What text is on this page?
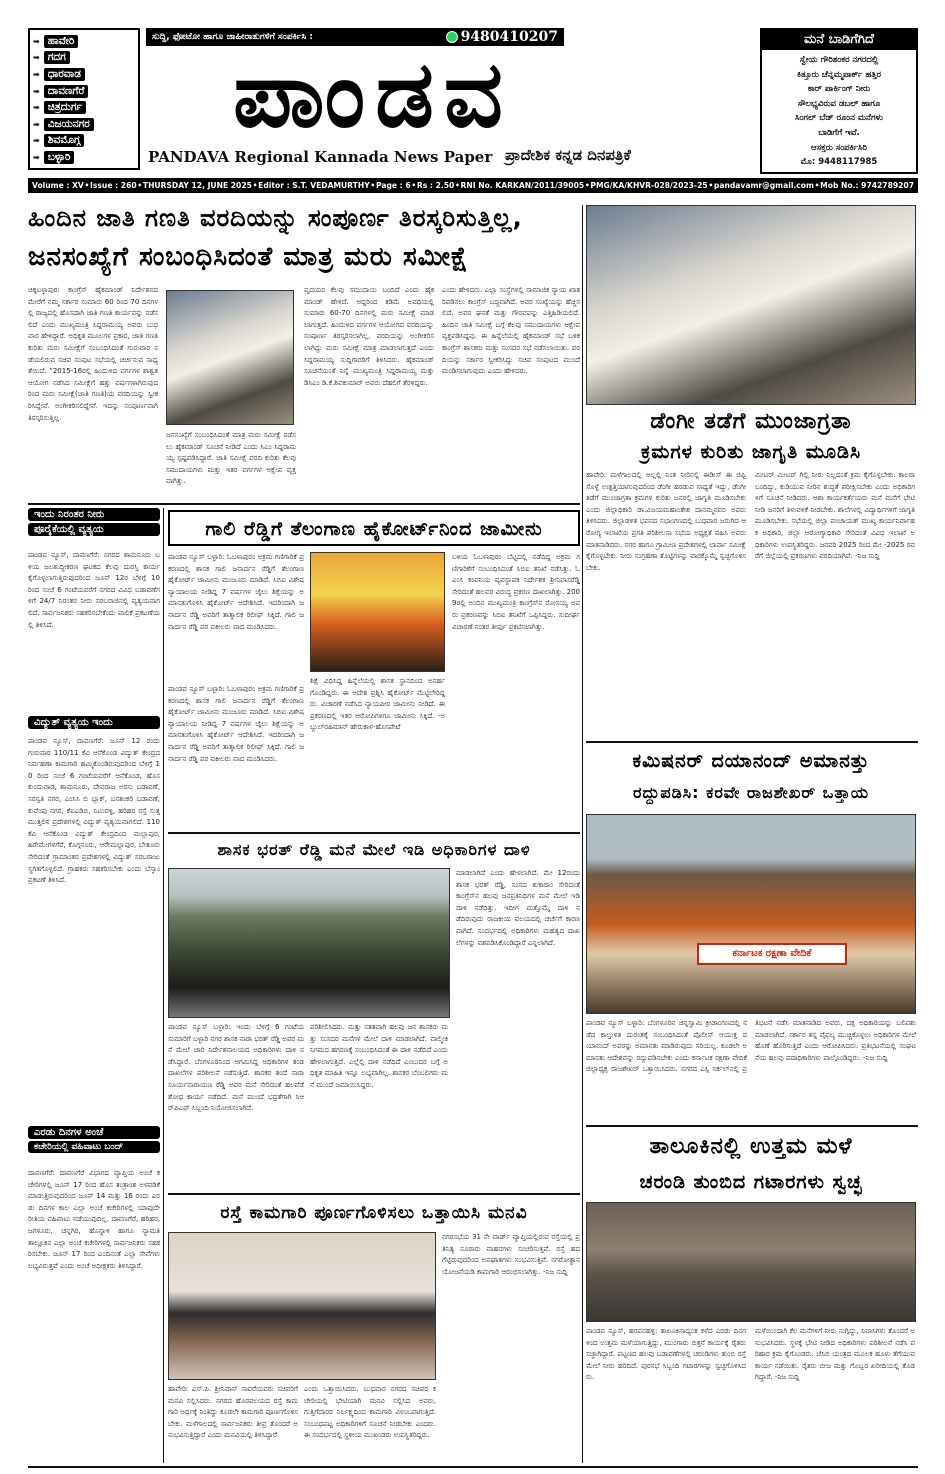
➡ ಹಾವೇರಿ
➡ ಗದಗ
➡ ಧಾರವಾಡ
➡ ದಾವಣಗೆರೆ
➡ ಚಿತ್ರದುರ್ಗ
➡ ವಿಜಯನಗರ
➡ ಶಿವಮೊಗ್ಗ
➡ ಬಳ್ಳಾರಿ
ಸುದ್ದಿ, ಫೋಟೋ ಹಾಗೂ ಜಾಹೀರಾತುಗಳಿಗೆ ಸಂಪರ್ಕಿಸಿ :	9480410207
ಪಾಂಡವ
PANDAVA Regional Kannada News Paper ಪ್ರಾದೇಶಿಕ ಕನ್ನಡ ದಿನಪತ್ರಿಕೆ
ಮನೆ ಬಾಡಿಗೆಗಿದೆ
ಸ್ವೇಯ ಗೌರಿಶಂಕರ ನಗರದಲ್ಲಿ
ಕಿತ್ತೂರು ಚೆನ್ನಮ್ಮಪಾರ್ಕ್ ಹತ್ತಿರ
ಕಾರ್ ಪಾರ್ಕಿಂಗ್ ನೀರು
ಸೌಲಭ್ಯವಿರುವ ಡಬಲ್ ಹಾಗೂ
ಸಿಂಗಲ್ ಬೆಡ್ ರೂಂನ ಮನೆಗಳು
ಬಾಡಿಗೆಗೆ ಇವೆ.
ಆಸಕ್ತರು ಸಂಪರ್ಕಿಸಿರಿ
ಮೊ: 9448117985
Volume : XV • Issue : 260 • THURSDAY 12, JUNE 2025 • Editor : S.T. VEDAMURTHY • Page : 6 • Rs : 2.50 • RNI No. KARKAN/2011/39005 • PMG/KA/KHVR-028/2023-25 • pandavamr@gmail.com • Mob No.: 9742789207
ಹಿಂದಿನ ಜಾತಿ ಗಣತಿ ವರದಿಯನ್ನು ಸಂಪೂರ್ಣ ತಿರಸ್ಕರಿಸುತ್ತಿಲ್ಲ,
ಜನಸಂಖ್ಯೆಗೆ ಸಂಬಂಧಿಸಿದಂತೆ ಮಾತ್ರ ಮರು ಸಮೀಕ್ಷೆ
ಚಿಕ್ಕಬಳ್ಳಾಪುರ: ಕಾಂಗ್ರೆಸ್ ಹೈಕಮಾಂಡ್ ನಿರ್ದೇಶನದ ಮೇರೆಗೆ ನಮ್ಮ ಸರ್ಕಾರ ಸುಮಾರು 60 ರಿಂದ 70 ದಿನಗಳಲ್ಲಿ ರಾಜ್ಯದಲ್ಲಿ ಹೊಸದಾಗಿ ಜಾತಿ ಗಣತಿ ಕಾರ್ಯವನ್ನು ನಡೆಸಲಿದೆ ಎಂದು ಮುಖ್ಯಮಂತ್ರಿ ಸಿದ್ದರಾಮಯ್ಯ ಅವರು ಬುಧವಾರ ಹೇಳಿದ್ದಾರೆ. ಅಧಿಕೃತ ಮೂಲಗಳ ಪ್ರಕಾರ, ಜಾತಿ ಗಣತಿ ಕುರಿತು ಮರು ಸಮೀಕ್ಷೆಗೆ ಸಂಬಂಧಿಸಿದಂತೆ ಗುರುವಾರ ನಡೆಯಲಿರುವ ಸಚಿವ ಸಂಪುಟ ಸಭೆಯಲ್ಲಿ ಚರ್ಚಿಸುವ ಸಾಧ್ಯತೆಯಿದೆ. "2015-16ರಲ್ಲಿ ಹಿಂದುಳಿದ ವರ್ಗಗಳ ಶಾಶ್ವತ ಆಯೋಗ ನಡೆಸಿದ ಸಮೀಕ್ಷೆಗೆ ಹತ್ತು ವರ್ಷಗಳಾಗಿರುವುದರಿಂದ ಮರು ಸಮೀಕ್ಷೆ(ಜಾತಿ ಗಣತಿ)ಯ ವರದಿಯನ್ನು ಸ್ವೀಕರಿಸಿದ್ದೇವೆ. ಅಂಗೀಕರಿಸಲಿದ್ದೇವೆ. ಇದನ್ನು ಸಂಪೂರ್ಣವಾಗಿ ತಿರಸ್ಕರಿಸುತ್ತಿಲ್ಲ.
ಜನಸಂಖ್ಯೆಗೆ ಸಂಬಂಧಿಸಿದಂತೆ ಮಾತ್ರ ಮರು ಸಮೀಕ್ಷೆ ನಡೆಸಲು ಹೈಕಮಾಂಡ್ ಸೂಚನೆ ನೀಡಿದೆ ಎಂದು ಸಿಎಂ ಸಿದ್ದರಾಮಯ್ಯ ಸ್ಪಷ್ಟಪಡಿಸಿದ್ದಾರೆ. ಜಾತಿ ಸಮೀಕ್ಷೆ ವರದಿ ಕುರಿತು ಕೆಲವು ಸಮುದಾಯಗಳು ಮತ್ತು ಇತರ ವರ್ಗಗಳ ಆಕ್ಷೇಪ ವ್ಯಕ್ತವಾಗಿತ್ತು.
ವೃದಯರ ಕೆಲವು ಸಮುದಾಯ ಬಂದಿದೆ ಎಂದು ಹೈಕಮಾಂಡ್ ಹೇಳಿದೆ. ಆದ್ದರಿಂದ ಕಡಿಮೆ ಅವಧಿಯಲ್ಲಿ ಸುಮಾರು 60-70 ದಿನಗಳಲ್ಲಿ ಮರು ಸಮೀಕ್ಷೆ ಮಾಡಲಾಗುತ್ತದೆ. ಹಿಂದುಳಿದ ವರ್ಗಗಳ ಆಯೋಗದ ವರದಿಯನ್ನು ಸಂಪೂರ್ಣ ತಿರಸ್ಕರಿಸಲಾಗಿಲ್ಲ. ವರದಿಯನ್ನು ಅಂಗೀಕರಿಸಲಾಗಿದ್ದು ಮರು ಸಮೀಕ್ಷೆ ಮಾತ್ರ ಮಾಡಲಾಗುತ್ತದೆ ಎಂದು ಸಿದ್ದರಾಮಯ್ಯ ಸುದ್ದಿಗಾರರಿಗೆ ತಿಳಿಸಿದರು. ಹೈಕಮಾಂಡ್ ಸೂಚನೆಯಂತೆ ನಿನ್ನೆ ಮುಖ್ಯಮಂತ್ರಿ ಸಿದ್ದರಾಮಯ್ಯ ಮತ್ತು ಡಿಸಿಎಂ ಡಿ.ಕೆ.ಶಿವಕುಮಾರ್ ಅವರು ದೆಹಲಿಗೆ ತೆರಳಿದ್ದರು.
ಎಂದು ಹೇಳಿದರು. ಎಲ್ಲಾ ಸಂಸ್ಥೆಗಳಲ್ಲಿ ಸಾಮಾಜಿಕ ನ್ಯಾಯ ಖಾತರಿಪಡಿಸಲು ಕಾಂಗ್ರೆಸ್ ಬದ್ಧವಾಗಿದೆ. ಅವರ ಸಂಖ್ಯೆಯನ್ನು ಹೆಚ್ಚಿಸಲಿದೆ. ಅವರ ಘನತೆ ಮತ್ತು ಗೌರವವನ್ನು ಎತ್ತಿಹಿಡಿಯಲಿದೆ. ಹಿಂದಿನ ಜಾತಿ ಸಮೀಕ್ಷೆ ಬಗ್ಗೆ ಕೆಲವು ಸಮುದಾಯಗಳು ಆಕ್ಷೇಪ ವ್ಯಕ್ತಪಡಿಸಿದ್ದವು. ಈ ಹಿನ್ನೆಲೆಯಲ್ಲಿ ಹೈಕಮಾಂಡ್ ಸಭೆ ಬಳಿಕ ಕಾಂಗ್ರೆಸ್ ಶಾಸಕರು ಮತ್ತು ಸಂಸದರ ಸಭೆ ನಡೆಸಲಾಯಿತು. ವರದಿಯನ್ನು ಸರ್ಕಾರ ಸ್ವೀಕರಿಸಿದ್ದು ಸಚಿವ ಸಂಪುಟದ ಮುಂದೆ ಮಂಡಿಸಲಾಗುವುದು ಎಂದು ಹೇಳಿದರು.
ಡೆಂಗೀ ತಡೆಗೆ ಮುಂಜಾಗ್ರತಾ
ಕ್ರಮಗಳ ಕುರಿತು ಜಾಗೃತಿ ಮೂಡಿಸಿ
ಹಾವೇರಿ: ಮಳೆಗಾಲದಲ್ಲಿ ಅಲ್ಲಲ್ಲಿ ನಿಂತ ನೀರಿನಲ್ಲಿ ಈಡೀಸ್ ಈ ಜಿಪ್ಟಿ ಸೊಳ್ಳೆ ಉತ್ಪತ್ತಿಯಾಗುವುದರಿಂದ ಡೆಂಗೀ ಹರಡುವ ಸಾಧ್ಯತೆ ಇದ್ದು, ಡೆಂಗೀ ತಡೆಗೆ ಮುಂಜಾಗ್ರತಾ ಕ್ರಮಗಳ ಕುರಿತು ಜನರಲ್ಲಿ ಜಾಗೃತಿ ಮೂಡಿಸಬೇಕು ಎಂದು ಜಿಲ್ಲಾಧಿಕಾರಿ ಡಾ.ವಿಜಯಮಹಾಂತೇಶ ದಾನಮ್ಮನವರ ಅವರು ತಿಳಿಸಿದರು. ಜಿಲ್ಲಾಡಳಿತ ಭವನದ ಸಭಾಂಗಣದಲ್ಲಿ ಬುಧವಾರ ಜರುಗಿದ ಆರೋಗ್ಯ ಇಲಾಖೆಯ ಪ್ರಗತಿ ಪರಿಶೀಲನಾ ಸಭೆಯ ಅಧ್ಯಕ್ಷತೆ ವಹಿಸಿ ಅವರು ಮಾತನಾಡಿದರು. ನಗರ ಹಾಗೂ ಗ್ರಾಮೀಣ ಪ್ರದೇಶಗಳಲ್ಲಿ ಲಾರ್ವಾ ಸಮೀಕ್ಷೆ ಕೈಗೊಳ್ಳಬೇಕು. ನೀರು ಸಂಗ್ರಹಣಾ ತೊಟ್ಟಿಗಳನ್ನು ವಾರಕ್ಕೊಮ್ಮೆ ಸ್ವಚ್ಛಗೊಳಿಸಬೇಕು.
ಮೀಟರ್ ಮೀಟರ್ ಗಿಲ್ಲಿ ನೀರು ನಿಲ್ಲದಂತೆ ಕ್ರಮ ಕೈಗೊಳ್ಳಬೇಕು. ಕಾಲರಾ ಬಂದಿದ್ದು, ಕುಡಿಯುವ ನೀರಿನ ಶುದ್ಧತೆ ಪರೀಕ್ಷಿಸಬೇಕು ಎಂದು ಅಧಿಕಾರಿಗಳಿಗೆ ಸೂಚನೆ ನೀಡಿದರು. ಆಶಾ ಕಾರ್ಯಕರ್ತೆಯರು ಮನೆ ಮನೆಗೆ ಭೇಟಿ ನೀಡಿ ಜನರಿಗೆ ತಿಳುವಳಿಕೆ ನೀಡಬೇಕು. ಶಾಲೆಗಳಲ್ಲಿ ವಿದ್ಯಾರ್ಥಿಗಳಿಗೆ ಜಾಗೃತಿ ಮೂಡಿಸಬೇಕು. ಸಭೆಯಲ್ಲಿ ಜಿಲ್ಲಾ ಪಂಚಾಯತ್ ಮುಖ್ಯ ಕಾರ್ಯನಿರ್ವಾಹಕ ಅಧಿಕಾರಿ, ಜಿಲ್ಲಾ ಆರೋಗ್ಯಾಧಿಕಾರಿ ಸೇರಿದಂತೆ ವಿವಿಧ ಇಲಾಖೆ ಅಧಿಕಾರಿಗಳು ಉಪಸ್ಥಿತರಿದ್ದರು. ಜನವರಿ 2025 ರಿಂದ ಮೇ -2025 ರವರೆಗೆ ಜಿಲ್ಲೆಯಲ್ಲಿ ಪ್ರಕರಣಗಳು ವರದಿಯಾಗಿವೆ. -ನಿಜ ಸುದ್ದಿ
ಇಂದು ನಿರಂತರ ನೀರು
ಪೂರೈಕೆಯಲ್ಲಿ ವ್ಯತ್ಯಯ
ಪಾಂಡವ ನ್ಯೂಸ್, ದಾವಣಗೆರೆ: ನಗರದ ಶಾಮನೂರು ಬಳಿಯ ಜಲಶುದ್ಧೀಕರಣ ಘಟಕದ ಕೆಲವು ದುರಸ್ತಿ ಕಾರ್ಯ ಕೈಗೊಳ್ಳಲಾಗುತ್ತಿರುವುದರಿಂದ ಜೂನ್ 12ರ ಬೆಳಿಗ್ಗೆ 10 ರಿಂದ ಸಂಜೆ 6 ಗಂಟೆಯವರೆಗೆ ನಗರದ ವಿವಿಧ ಬಡಾವಣೆಗಳಿಗೆ 24/7 ನಿರಂತರ ನೀರು ಸರಬರಾಜಿನಲ್ಲಿ ವ್ಯತ್ಯಯವಾಗಲಿದೆ. ಸಾರ್ವಜನಿಕರು ಸಹಕರಿಸಬೇಕೆಂದು ಪಾಲಿಕೆ ಪ್ರಕಟಣೆಯಲ್ಲಿ ತಿಳಿಸಿದೆ.
ವಿದ್ಯುತ್ ವ್ಯತ್ಯಯ ಇಂದು
ಪಾಂಡವ ನ್ಯೂಸ್, ದಾವಣಗೆರೆ: ಜೂನ್ 12 ರಂದು ಗುರುವಾರ 110/11 ಕೆವಿ ಆನೆಕೊಂಡ ವಿದ್ಯುತ್ ಕೇಂದ್ರದ ನಿರ್ವಹಣಾ ಕಾಮಗಾರಿ ಹಮ್ಮಿಕೊಂಡಿರುವುದರಿಂದ ಬೆಳಿಗ್ಗೆ 10 ರಿಂದ ಸಂಜೆ 6 ಗಂಟೆಯವರೆಗೆ ಆನೆಕೊಂಡ, ಹೊಸ ಕುಂದುವಾಡ, ಶಾಮನೂರು, ದೇವರಾಜ ಅರಸು ಬಡಾವಣೆ, ಸರಸ್ವತಿ ನಗರ, ಎಂಸಿಸಿ ಬಿ ಬ್ಲಾಕ್, ಬನಶಂಕರಿ ಬಡಾವಣೆ, ಕುವೆಂಪು ನಗರ, ಕೆಐಎಡಿಬಿ, ನಿಟುವಳ್ಳಿ, ಹರಿಹರ ರಸ್ತೆ ಸುತ್ತಮುತ್ತಲಿನ ಪ್ರದೇಶಗಳಲ್ಲಿ ವಿದ್ಯುತ್ ವ್ಯತ್ಯಯವಾಗಲಿದೆ. 110 ಕೆವಿ ಆನೆಕೊಂಡ ವಿದ್ಯುತ್ ಕೇಂದ್ರದಿಂದ ಮಲ್ಲಾಪುರ, ಹಿರೇಮೇಗಳಗೆರೆ, ಕೊಗ್ಗನೂರು, ಆರೇಮಲ್ಲಾಪುರ, ಬೇತೂರು ಸೇರಿದಂತೆ ಗ್ರಾಮಾಂತರ ಪ್ರದೇಶಗಳಲ್ಲಿ ವಿದ್ಯುತ್ ಸರಬರಾಜು ಸ್ಥಗಿತಗೊಳ್ಳಲಿದೆ. ಗ್ರಾಹಕರು ಸಹಕರಿಸಬೇಕು ಎಂದು ಬೆಸ್ಕಾಂ ಪ್ರಕಟಣೆ ತಿಳಿಸಿದೆ.
ಎರಡು ದಿನಗಳ ಅಂಚೆ
ಕಚೇರಿಯಲ್ಲಿ ವಹಿವಾಟು ಬಂದ್
ದಾವಣಗೆರೆ: ದಾವಣಗೆರೆ ವಿಭಾಗದ ವ್ಯಾಪ್ತಿಯ ಅಂಚೆ ಕಚೇರಿಗಳಲ್ಲಿ ಜೂನ್ 17 ರಿಂದ ಹೊಸ ತಂತ್ರಾಂಶ ಅಳವಡಿಕೆ ಮಾಡುತ್ತಿರುವುದರಿಂದ ಜೂನ್ 14 ಮತ್ತು 16 ರಂದು ಎರಡು ದಿನಗಳ ಕಾಲ ಎಲ್ಲಾ ಅಂಚೆ ಕಚೇರಿಗಳಲ್ಲಿ ಯಾವುದೇ ರೀತಿಯ ವಹಿವಾಟು ನಡೆಯುವುದಿಲ್ಲ. ದಾವಣಗೆರೆ, ಹರಿಹರ, ಜಗಳೂರು, ಚನ್ನಗಿರಿ, ಹೊನ್ನಾಳಿ ಹಾಗೂ ನ್ಯಾಮತಿ ತಾಲ್ಲೂಕಿನ ಎಲ್ಲಾ ಅಂಚೆ ಕಚೇರಿಗಳಲ್ಲಿ ಸಾರ್ವಜನಿಕರು ಸಹಕರಿಸಬೇಕು. ಜೂನ್ 17 ರಿಂದ ಎಂದಿನಂತೆ ಎಲ್ಲಾ ಸೇವೆಗಳು ಲಭ್ಯವಿರುತ್ತವೆ ಎಂದು ಅಂಚೆ ಅಧೀಕ್ಷಕರು ತಿಳಿಸಿದ್ದಾರೆ.
ಗಾಲಿ ರೆಡ್ಡಿಗೆ ತೆಲಂಗಾಣ ಹೈಕೋರ್ಟ್‌ನಿಂದ ಜಾಮೀನು
ಪಾಂಡವ ನ್ಯೂಸ್ ಬಳ್ಳಾರಿ: ಓಬಳಾಪುರಂ ಅಕ್ರಮ ಗಣಿಗಾರಿಕೆ ಪ್ರಕರಣದಲ್ಲಿ ಶಾಸಕ ಗಾಲಿ ಜನಾರ್ದನ ರೆಡ್ಡಿಗೆ ತೆಲಂಗಾಣ ಹೈಕೋರ್ಟ್ ಜಾಮೀನು ಮಂಜೂರು ಮಾಡಿದೆ. ಸಿಬಿಐ ವಿಶೇಷ ನ್ಯಾಯಾಲಯ ನೀಡಿದ್ದ 7 ವರ್ಷಗಳ ಜೈಲು ಶಿಕ್ಷೆಯನ್ನು ಅಮಾನತುಗೊಳಿಸಿ ಹೈಕೋರ್ಟ್ ಆದೇಶಿಸಿದೆ. ಇದರಿಂದಾಗಿ ಜನಾರ್ದನ ರೆಡ್ಡಿ ಅವರಿಗೆ ತಾತ್ಕಾಲಿಕ ರಿಲೀಫ್ ಸಿಕ್ಕಿದೆ. ಗಾಲಿ ಜನಾರ್ದನ ರೆಡ್ಡಿ ಪರ ವಕೀಲರು ವಾದ ಮಂಡಿಸಿದರು.
ಶಿಕ್ಷೆ ವಿಧಿಸಿದ್ದ ಹಿನ್ನೆಲೆಯಲ್ಲಿ ಶಾಸಕ ಸ್ಥಾನದಿಂದ ಅನರ್ಹಗೊಂಡಿದ್ದರು. ಈ ಆದೇಶ ಪ್ರಶ್ನಿಸಿ ಹೈಕೋರ್ಟ್ ಮೆಟ್ಟಿಲೇರಿದ್ದರು. ವಿಚಾರಣೆ ನಡೆಸಿದ ನ್ಯಾಯಪೀಠ ಜಾಮೀನು ನೀಡಿದೆ. ಈ ಪ್ರಕರಣದಲ್ಲಿ ಇತರ ಆರೋಪಿಗಳಿಗೂ ಜಾಮೀನು ಸಿಕ್ಕಿದೆ. -ಅಬ್ದುಲ್‌ರಹಿಮಾನ್ ಹೇರುಕಾಳ-ಹೊಸಪೇಟೆ
ಪಾಂಡವ ನ್ಯೂಸ್ ಬಳ್ಳಾರಿ: ಓಬಳಾಪುರಂ ಅಕ್ರಮ ಗಣಿಗಾರಿಕೆ ಪ್ರಕರಣದಲ್ಲಿ ಶಾಸಕ ಗಾಲಿ ಜನಾರ್ದನ ರೆಡ್ಡಿಗೆ ತೆಲಂಗಾಣ ಹೈಕೋರ್ಟ್ ಜಾಮೀನು ಮಂಜೂರು ಮಾಡಿದೆ. ಸಿಬಿಐ ವಿಶೇಷ ನ್ಯಾಯಾಲಯ ನೀಡಿದ್ದ 7 ವರ್ಷಗಳ ಜೈಲು ಶಿಕ್ಷೆಯನ್ನು ಅಮಾನತುಗೊಳಿಸಿ ಹೈಕೋರ್ಟ್ ಆದೇಶಿಸಿದೆ. ಇದರಿಂದಾಗಿ ಜನಾರ್ದನ ರೆಡ್ಡಿ ಅವರಿಗೆ ತಾತ್ಕಾಲಿಕ ರಿಲೀಫ್ ಸಿಕ್ಕಿದೆ. ಗಾಲಿ ಜನಾರ್ದನ ರೆಡ್ಡಿ ಪರ ವಕೀಲರು ವಾದ ಮಂಡಿಸಿದರು.
ಬಳಿಯ ಓಬಳಾಪುರಂ ಬೆಟ್ಟದಲ್ಲಿ ನಡೆದಿದ್ದ ಅಕ್ರಮ ಗಣಿಗಾರಿಕೆಗೆ ಸಂಬಂಧಿಸಿದಂತೆ ಸಿಬಿಐ ತನಿಖೆ ನಡೆಸಿತ್ತು. ಓಎಂಸಿ ಕಂಪನಿಯ ವ್ಯವಸ್ಥಾಪಕ ನಿರ್ದೇಶಕ ಶ್ರೀನಿವಾಸರೆಡ್ಡಿ ಸೇರಿದಂತೆ ಹಲವರ ವಿರುದ್ಧ ಪ್ರಕರಣ ದಾಖಲಾಗಿತ್ತು. 2009ರಲ್ಲಿ ಅಂದಿನ ಮುಖ್ಯಮಂತ್ರಿ ಕಾಂಗ್ರೆಸ್‌ನ ರೋಸಯ್ಯ ಅವರು ಪ್ರಕರಣವನ್ನು ಸಿಬಿಐ ತನಿಖೆಗೆ ಒಪ್ಪಿಸಿದ್ದರು. ಸುದೀರ್ಘ ವಿಚಾರಣೆ ನಂತರ ತೀರ್ಪು ಪ್ರಕಟಿಸಲಾಗಿತ್ತು.
ಶಾಸಕ ಭರತ್ ರೆಡ್ಡಿ ಮನೆ ಮೇಲೆ ಇಡಿ ಅಧಿಕಾರಿಗಳ ದಾಳಿ
ಪಾಂಡವ ನ್ಯೂಸ್ ಬಳ್ಳಾರಿ: ಇಂದು ಬೆಳಿಗ್ಗೆ 6 ಗಂಟೆಯ ಸುಮಾರಿಗೆ ಬಳ್ಳಾರಿ ನಗರ ಶಾಸಕ ನಾರಾ ಭರತ್ ರೆಡ್ಡಿ ಅವರ ಮನೆ ಮೇಲೆ ಜಾರಿ ನಿರ್ದೇಶನಾಲಯದ ಅಧಿಕಾರಿಗಳು ದಾಳಿ ನಡೆಸಿದ್ದಾರೆ. ಬೆಂಗಳೂರಿನಿಂದ ಆಗಮಿಸಿದ್ದ ಅಧಿಕಾರಿಗಳ ತಂಡ ದಾಖಲೆಗಳ ಪರಿಶೀಲನೆ ನಡೆಸುತ್ತಿದೆ. ಶಾಸಕರ ತಂದೆ ನಾರಾ ಸೂರ್ಯನಾರಾಯಣ ರೆಡ್ಡಿ ಅವರ ಮನೆ ಸೇರಿದಂತೆ ಹಲವೆಡೆ ಶೋಧ ಕಾರ್ಯ ನಡೆದಿದೆ. ಮನೆ ಮುಂದೆ ಭದ್ರತೆಗಾಗಿ ಸಿಆರ್‌ಪಿಎಫ್ ಸಿಬ್ಬಂದಿ ನಿಯೋಜಿಸಲಾಗಿದೆ.
ಪರಿಶೀಲಿಸಿದರು. ಮತ್ತು ಸತತವಾಗಿ ಹಲವು ಜನ ಶಾಸಕರು ಮತ್ತು ಸಂಸದರ ಮನೆಗಳ ಮೇಲೆ ದಾಳಿ ಮಾಡಲಾಗಿದೆ. ವಾಲ್ಮೀಕಿ ನಿಗಮದ ಹಗರಣಕ್ಕೆ ಸಂಬಂಧಿಸಿದಂತೆ ಈ ದಾಳಿ ನಡೆದಿದೆ ಎಂದು ಹೇಳಲಾಗುತ್ತಿದೆ. ಎಲ್ಲೆಲ್ಲಿ ದಾಳಿ ನಡೆದಿದೆ ಎಂಬುದರ ಬಗ್ಗೆ ಅಧಿಕೃತ ಮಾಹಿತಿ ಇನ್ನೂ ಲಭ್ಯವಾಗಿಲ್ಲ. ಶಾಸಕರ ಬೆಂಬಲಿಗರು ಮನೆ ಮುಂದೆ ಜಮಾಯಿಸಿದ್ದರು.
ಮಾಡಲಾಗಿದೆ ಎಂದು ಹೇಳಲಾಗಿದೆ. ಮೇ 12ರಂದು ಶಾಸಕ ಭರತ್ ರೆಡ್ಡಿ, ಸಂಸದ ತುಕಾರಾಂ ಸೇರಿದಂತೆ ಕಾಂಗ್ರೆಸ್‌ನ ಹಲವು ಜನಪ್ರತಿನಿಧಿಗಳ ಮನೆ ಮೇಲೆ ಇಡಿ ದಾಳಿ ನಡೆದಿತ್ತು. ಇದೀಗ ಮತ್ತೊಮ್ಮೆ ದಾಳಿ ನಡೆದಿರುವುದು ರಾಜಕೀಯ ವಲಯದಲ್ಲಿ ಚರ್ಚೆಗೆ ಕಾರಣವಾಗಿದೆ. ಸಂದರ್ಭದಲ್ಲಿ ಅಧಿಕಾರಿಗಳು ಮಹತ್ವದ ದಾಖಲೆಗಳನ್ನು ವಶಪಡಿಸಿಕೊಂಡಿದ್ದಾರೆ ಎನ್ನಲಾಗಿದೆ.
ರಸ್ತೆ ಕಾಮಗಾರಿ ಪೂರ್ಣಗೊಳಿಸಲು ಒತ್ತಾಯಿಸಿ ಮನವಿ
ಹಾವೇರಿ: ಎಸ್.ಪಿ. ಶ್ರೀನಿವಾಸ್ ಸಾವರೆಯವರು ಸಚಿವರಿಗೆ ಮನವಿ ಸಲ್ಲಿಸಿದರು. ನಗರದ ಹೊರವಲಯದ ರಸ್ತೆ ಕಾಮಗಾರಿ ಅರ್ಧಕ್ಕೆ ನಿಂತಿದ್ದು ಕೂಡಲೇ ಕಾಮಗಾರಿ ಪೂರ್ಣಗೊಳಿಸಬೇಕು. ಮಳೆಗಾಲದಲ್ಲಿ ಸಾರ್ವಜನಿಕರು ತೀವ್ರ ತೊಂದರೆ ಅನುಭವಿಸುತ್ತಿದ್ದಾರೆ ಎಂದು ಮನವಿಯಲ್ಲಿ ತಿಳಿಸಿದ್ದಾರೆ.
ಎಂದು ಒತ್ತಾಯಿಸಿದರು. ಬುಧವಾರ ನಗರದ ಸಚಿವರ ಕಚೇರಿಯಲ್ಲಿ ಭೇಟಿಯಾಗಿ ಮನವಿ ಸಲ್ಲಿಸಿದ ಅವರು, ಗುತ್ತಿಗೆದಾರರ ನಿರ್ಲಕ್ಷ್ಯದಿಂದ ಕಾಮಗಾರಿ ವಿಳಂಬವಾಗುತ್ತಿದೆ. ಸಂಬಂಧಪಟ್ಟ ಅಧಿಕಾರಿಗಳಿಗೆ ಸೂಚನೆ ನೀಡಬೇಕು ಎಂದರು. ಈ ಸಂದರ್ಭದಲ್ಲಿ ಸ್ಥಳೀಯ ಮುಖಂಡರು ಉಪಸ್ಥಿತರಿದ್ದರು.
ನಗರಸಭೆಯ 31 ನೇ ವಾರ್ಡ್ ವ್ಯಾಪ್ತಿಯಲ್ಲಿರುವ ರಸ್ತೆಯಲ್ಲಿ ಪ್ರತಿನಿತ್ಯ ನೂರಾರು ವಾಹನಗಳು ಸಂಚರಿಸುತ್ತವೆ. ರಸ್ತೆ ಹದಗೆಟ್ಟಿರುವುದರಿಂದ ಅಪಘಾತಗಳು ಸಂಭವಿಸುತ್ತಿವೆ. ನಗರೋತ್ಥಾನ ಯೋಜನೆಯಡಿ ಕಾಮಗಾರಿ ಆರಂಭಿಸಲಾಗಿತ್ತು. -ನಿಜ ಸುದ್ದಿ
ಕಮಿಷನರ್ ದಯಾನಂದ್ ಅಮಾನತ್ತು
ರದ್ದುಪಡಿಸಿ: ಕರವೇ ರಾಜಶೇಖರ್ ಒತ್ತಾಯ
ಕರ್ನಾಟಕ ರಕ್ಷಣಾ ವೇದಿಕೆ
ಪಾಂಡವ ನ್ಯೂಸ್ ಬಳ್ಳಾರಿ: ಬೆಂಗಳೂರಿನ ಚಿನ್ನಸ್ವಾಮಿ ಕ್ರೀಡಾಂಗಣದಲ್ಲಿ ನಡೆದ ಕಾಲ್ತುಳಿತ ದುರಂತಕ್ಕೆ ಸಂಬಂಧಿಸಿದಂತೆ ಪೊಲೀಸ್ ಆಯುಕ್ತ ದಯಾನಂದ್ ಅವರನ್ನು ಅಮಾನತು ಮಾಡಿರುವುದು ಸರಿಯಲ್ಲ. ಕೂಡಲೇ ಅಮಾನತು ಆದೇಶವನ್ನು ರದ್ದುಪಡಿಸಬೇಕು ಎಂದು ಕರ್ನಾಟಕ ರಕ್ಷಣಾ ವೇದಿಕೆ ಜಿಲ್ಲಾಧ್ಯಕ್ಷ ರಾಜಶೇಖರ್ ಒತ್ತಾಯಿಸಿದರು. ನಗರದ ಎಸ್ಪಿ ಸರ್ಕಲ್‌ನಲ್ಲಿ ಪ್ರತಿಭಟನೆ ನಡೆಸಿ ಮಾತನಾಡಿದ ಅವರು, ದಕ್ಷ ಅಧಿಕಾರಿಯನ್ನು ಬಲಿಪಶು ಮಾಡಲಾಗಿದೆ. ಸರ್ಕಾರ ತನ್ನ ವೈಫಲ್ಯ ಮುಚ್ಚಿಕೊಳ್ಳಲು ಅಧಿಕಾರಿಗಳ ಮೇಲೆ ಹೊಣೆ ಹೊರಿಸುತ್ತಿದೆ ಎಂದು ಆರೋಪಿಸಿದರು. ಪ್ರತಿಭಟನೆಯಲ್ಲಿ ಸಂಘಟನೆಯ ಹಲವು ಪದಾಧಿಕಾರಿಗಳು ಪಾಲ್ಗೊಂಡಿದ್ದರು. -ನಿಜ ಸುದ್ದಿ
ತಾಲೂಕಿನಲ್ಲಿ ಉತ್ತಮ ಮಳೆ
ಚರಂಡಿ ತುಂಬಿದ ಗಟಾರಗಳು ಸ್ವಚ್ಛ
ಪಾಂಡವ ನ್ಯೂಸ್, ಹರಪನಹಳ್ಳಿ: ತಾಲೂಕಿನಾದ್ಯಂತ ಕಳೆದ ಎರಡು ದಿನಗಳಿಂದ ಉತ್ತಮ ಮಳೆಯಾಗುತ್ತಿದ್ದು, ಮುಂಗಾರು ಬಿತ್ತನೆ ಕಾರ್ಯಕ್ಕೆ ರೈತರು ಸಜ್ಜಾಗಿದ್ದಾರೆ. ಪಟ್ಟಣದ ಹಲವು ಬಡಾವಣೆಗಳಲ್ಲಿ ಚರಂಡಿಗಳು ತುಂಬಿ ರಸ್ತೆ ಮೇಲೆ ನೀರು ಹರಿದಿದೆ. ಪುರಸಭೆ ಸಿಬ್ಬಂದಿ ಗಟಾರಗಳನ್ನು ಸ್ವಚ್ಛಗೊಳಿಸಿದರು.
ಮಳೆಯಿಂದಾಗಿ ಕೆಲ ಮನೆಗಳಿಗೆ ನೀರು ನುಗ್ಗಿದ್ದು, ನಿವಾಸಿಗಳು ತೊಂದರೆ ಅನುಭವಿಸಿದರು. ಸ್ಥಳಕ್ಕೆ ಭೇಟಿ ನೀಡಿದ ಅಧಿಕಾರಿಗಳು ಪರಿಶೀಲನೆ ನಡೆಸಿ ಪರಿಹಾರ ಕ್ರಮ ಕೈಗೊಂಡರು. ಜೆಸಿಬಿ ಯಂತ್ರದ ಮೂಲಕ ಹೂಳು ತೆಗೆಯುವ ಕಾರ್ಯ ನಡೆಯಿತು. ರೈತರು ಬೀಜ ಮತ್ತು ಗೊಬ್ಬರ ಖರೀದಿಯಲ್ಲಿ ತೊಡಗಿದ್ದಾರೆ. -ನಿಜ ಸುದ್ದಿ
